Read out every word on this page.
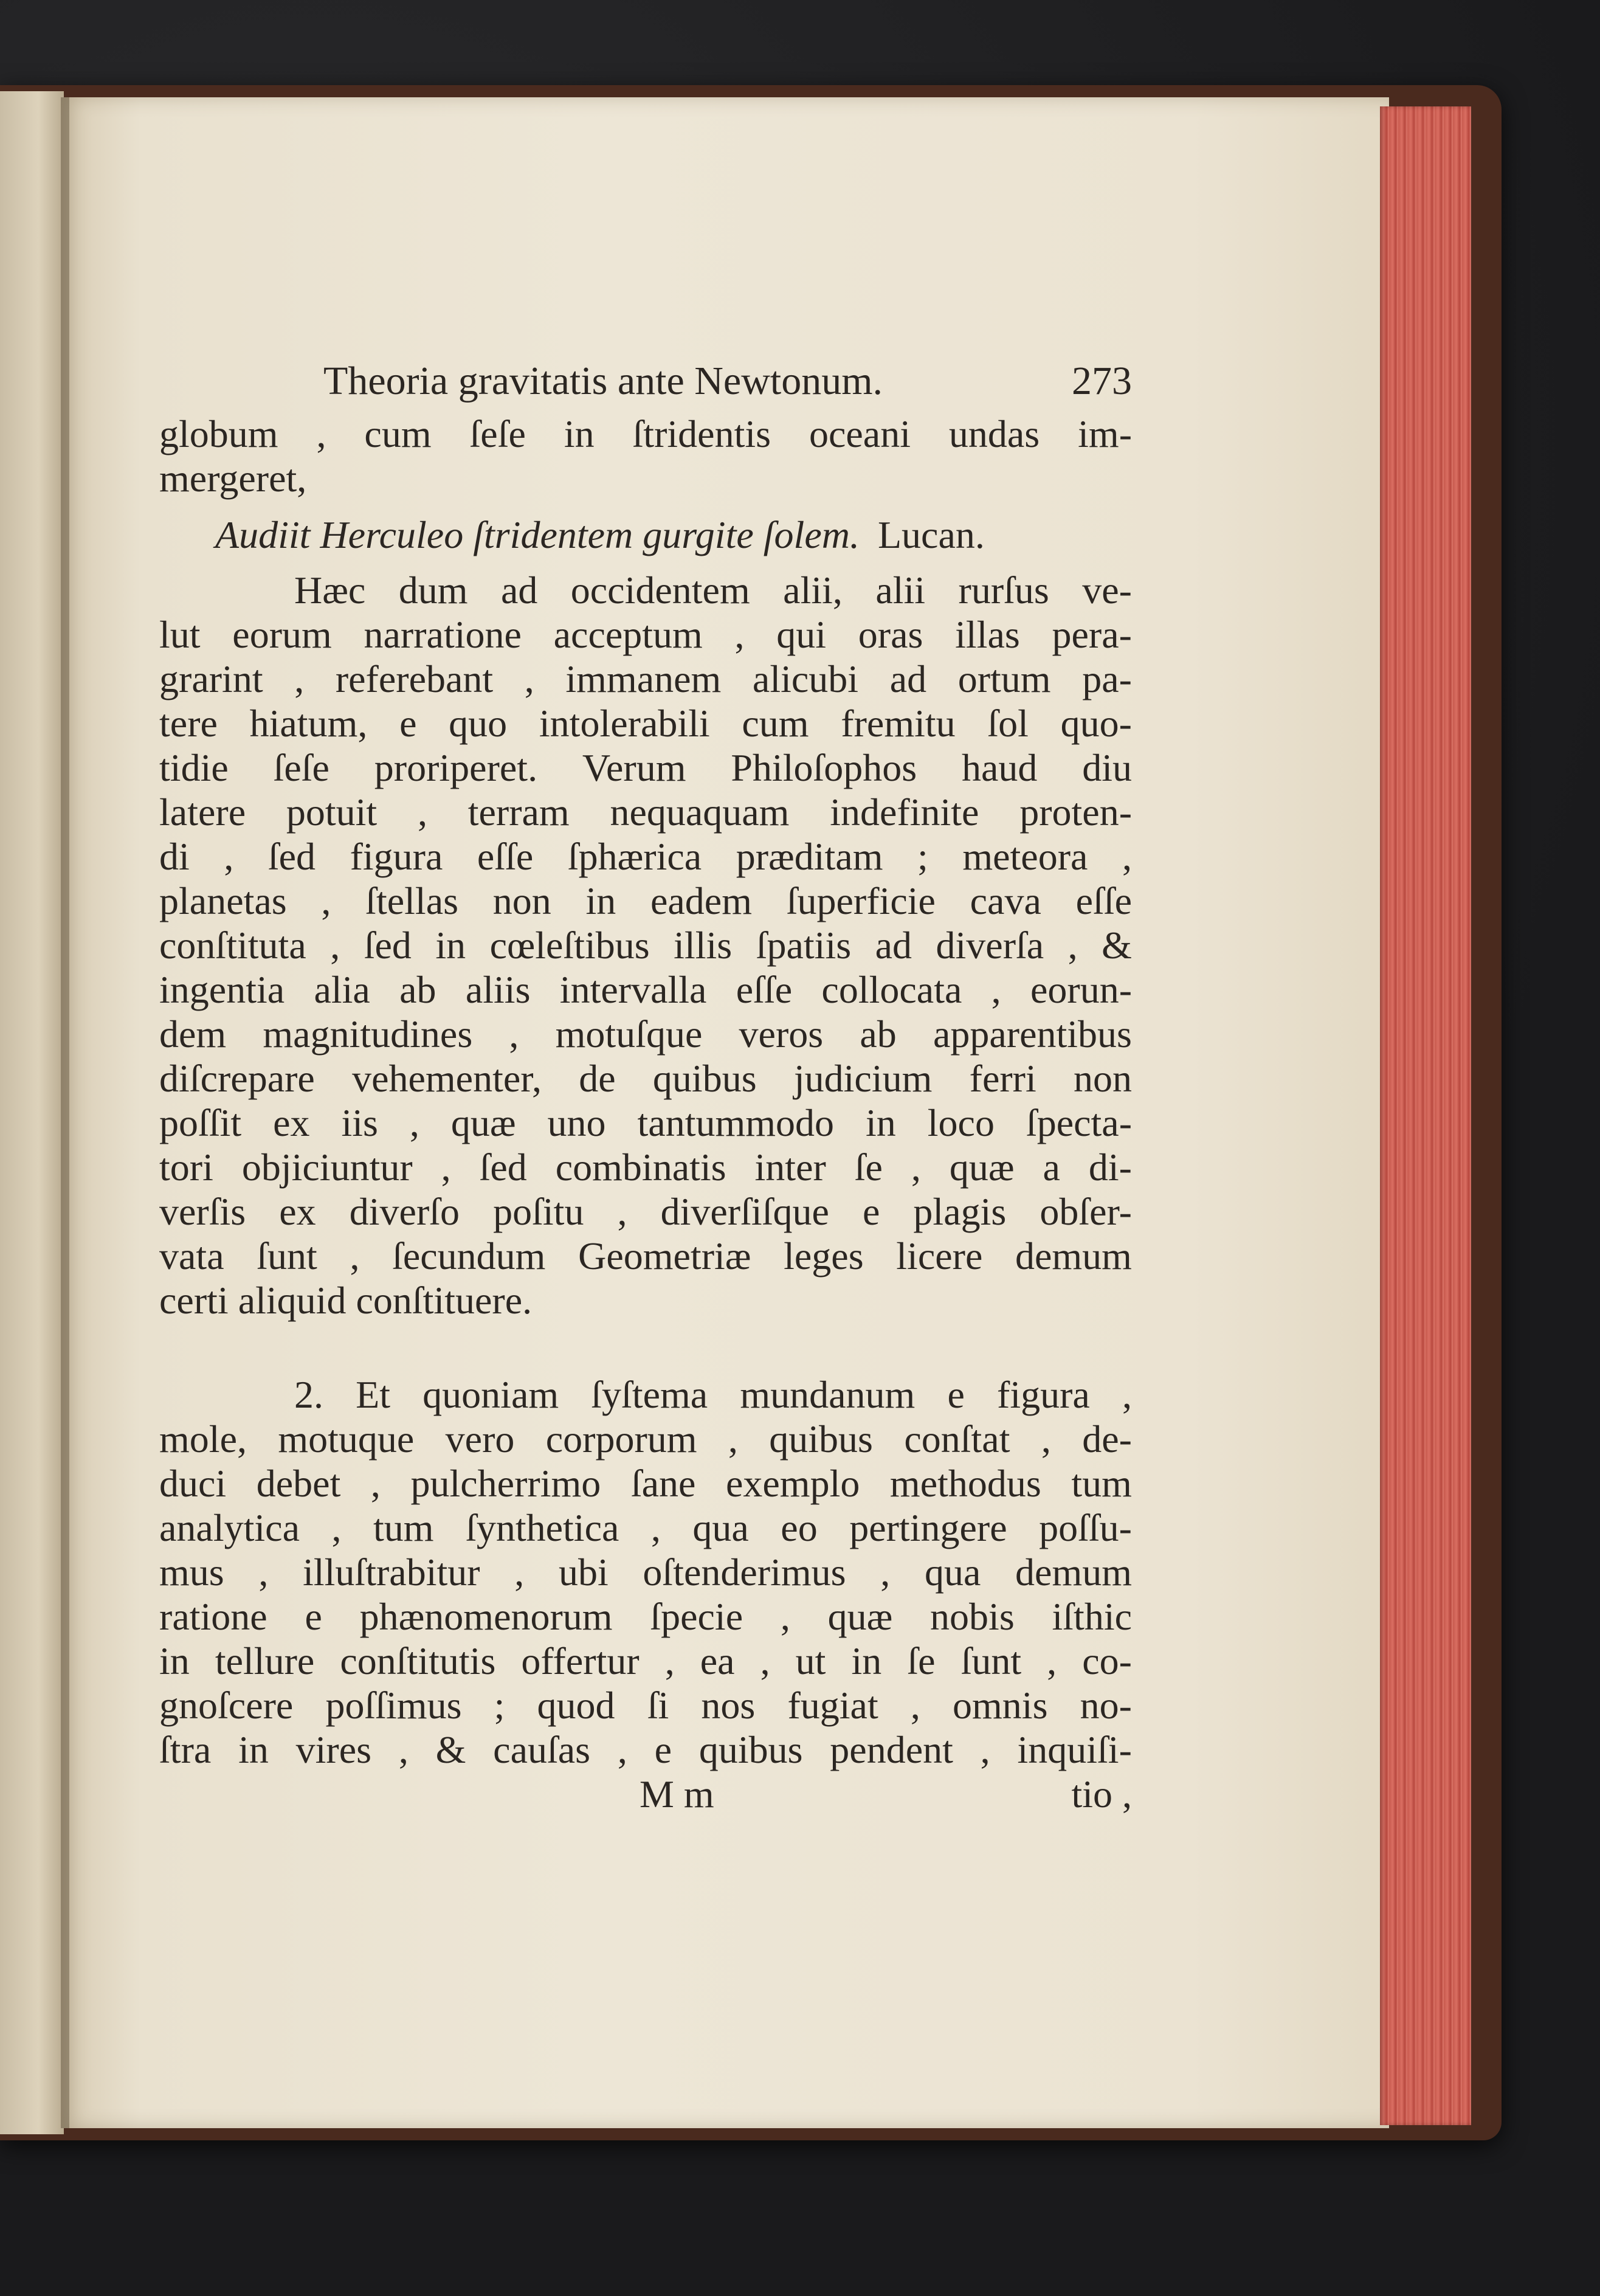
Theoria gravitatis ante Newtonum.	273
globum , cum ſeſe in ſtridentis oceani undas im-
mergeret,
Audiit Herculeo ſtridentem gurgite ſolem. Lucan.
Hæc dum ad occidentem alii, alii rurſus ve-
lut eorum narratione acceptum , qui oras illas pera-
grarint , referebant , immanem alicubi ad ortum pa-
tere hiatum, e quo intolerabili cum fremitu ſol quo-
tidie ſeſe proriperet. Verum Philoſophos haud diu
latere potuit , terram nequaquam indefinite proten-
di , ſed figura eſſe ſphærica præditam ; meteora ,
planetas , ſtellas non in eadem ſuperficie cava eſſe
conſtituta , ſed in cœleſtibus illis ſpatiis ad diverſa , &
ingentia alia ab aliis intervalla eſſe collocata , eorun-
dem magnitudines , motuſque veros ab apparentibus
diſcrepare vehementer, de quibus judicium ferri non
poſſit ex iis , quæ uno tantummodo in loco ſpecta-
tori objiciuntur , ſed combinatis inter ſe , quæ a di-
verſis ex diverſo poſitu , diverſiſque e plagis obſer-
vata ſunt , ſecundum Geometriæ leges licere demum
certi aliquid conſtituere.
2. Et quoniam ſyſtema mundanum e figura ,
mole, motuque vero corporum , quibus conſtat , de-
duci debet , pulcherrimo ſane exemplo methodus tum
analytica , tum ſynthetica , qua eo pertingere poſſu-
mus , illuſtrabitur , ubi oſtenderimus , qua demum
ratione e phænomenorum ſpecie , quæ nobis iſthic
in tellure conſtitutis offertur , ea , ut in ſe ſunt , co-
gnoſcere poſſimus ; quod ſi nos fugiat , omnis no-
ſtra in vires , & cauſas , e quibus pendent , inquiſi-
M m	tio ,
